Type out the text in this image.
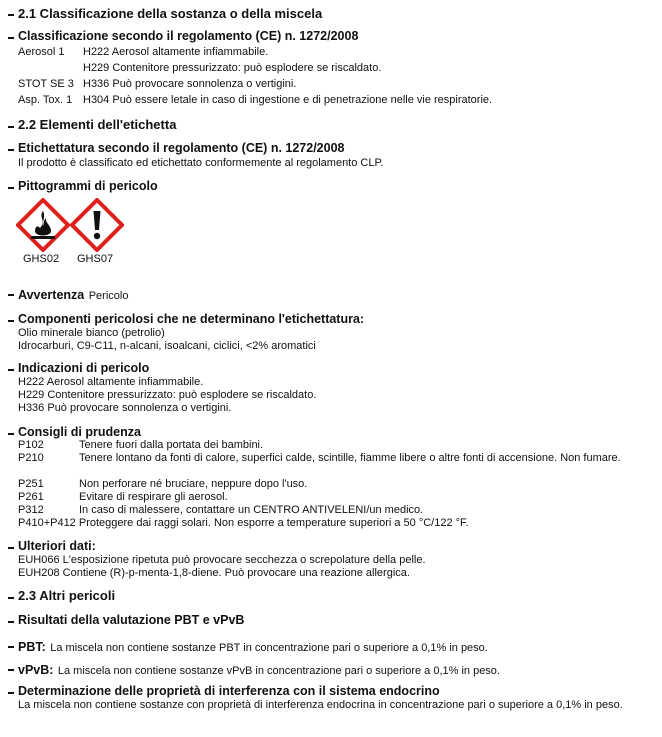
2.1 Classificazione della sostanza o della miscela
Classificazione secondo il regolamento (CE) n. 1272/2008
Aerosol 1 H222 Aerosol altamente infiammabile.
H229 Contenitore pressurizzato: può esplodere se riscaldato.
STOT SE 3 H336 Può provocare sonnolenza o vertigini.
Asp. Tox. 1 H304 Può essere letale in caso di ingestione e di penetrazione nelle vie respiratorie.
2.2 Elementi dell'etichetta
Etichettatura secondo il regolamento (CE) n. 1272/2008
Il prodotto è classificato ed etichettato conformemente al regolamento CLP.
Pittogrammi di pericolo
GHS02 GHS07
Avvertenza Pericolo
Componenti pericolosi che ne determinano l'etichettatura:
Olio minerale bianco (petrolio)
Idrocarburi, C9-C11, n-alcani, isoalcani, ciclici, <2% aromatici
Indicazioni di pericolo
H222 Aerosol altamente infiammabile.
H229 Contenitore pressurizzato: può esplodere se riscaldato.
H336 Può provocare sonnolenza o vertigini.
Consigli di prudenza
P102	Tenere fuori dalla portata dei bambini.
P210	Tenere lontano da fonti di calore, superfici calde, scintille, fiamme libere o altre fonti di accensione. Non fumare.
P251	Non perforare né bruciare, neppure dopo l'uso.
P261	Evitare di respirare gli aerosol.
P312	In caso di malessere, contattare un CENTRO ANTIVELENI/un medico.
P410+P412 Proteggere dai raggi solari. Non esporre a temperature superiori a 50 °C/122 °F.
Ulteriori dati:
EUH066 L'esposizione ripetuta può provocare secchezza o screpolature della pelle.
EUH208 Contiene (R)-p-menta-1,8-diene. Può provocare una reazione allergica.
2.3 Altri pericoli
Risultati della valutazione PBT e vPvB
PBT: La miscela non contiene sostanze PBT in concentrazione pari o superiore a 0,1% in peso.
vPvB: La miscela non contiene sostanze vPvB in concentrazione pari o superiore a 0,1% in peso.
Determinazione delle proprietà di interferenza con il sistema endocrino
La miscela non contiene sostanze con proprietà di interferenza endocrina in concentrazione pari o superiore a 0,1% in peso.
